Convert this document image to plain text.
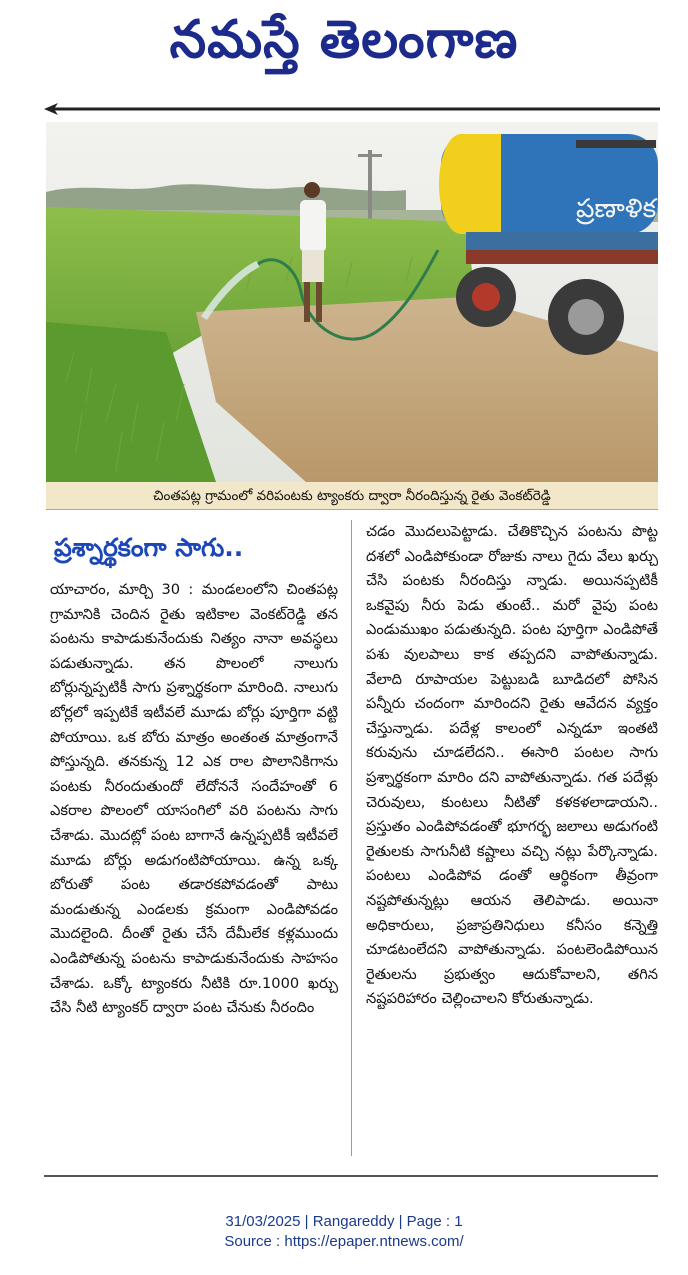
నమస్తే తెలంగాణ
ప్రణాళిక
చింతపట్ల గ్రామంలో వరిపంటకు ట్యాంకరు ద్వారా నీరందిస్తున్న రైతు వెంకట్‌రెడ్డి
ప్రశ్నార్థకంగా సాగు..

యాచారం, మార్చి 30 : మండలంలోని చింతపట్ల గ్రామానికి చెందిన రైతు ఇటికాల వెంకట్‌రెడ్డి తన పంటను కాపాడుకునేందుకు నిత్యం నానా అవస్థలు పడుతున్నాడు. తన పొలంలో నాలుగు బోర్లున్నప్పటికీ సాగు ప్రశ్నార్థకంగా మారింది. నాలుగు బోర్లలో ఇప్పటికే ఇటీవలే మూడు బోర్లు పూర్తిగా వట్టి పోయాయి. ఒక బోరు మాత్రం అంతంత మాత్రంగానే పోస్తున్నది. తనకున్న 12 ఎక రాల పొలానికిగాను పంటకు నీరందుతుందో లేదోననే సందేహంతో 6 ఎకరాల పొలంలో యాసంగిలో వరి పంటను సాగు చేశాడు. మొదట్లో పంట బాగానే ఉన్నప్పటికీ ఇటీవలే మూడు బోర్లు అడుగంటిపోయాయి. ఉన్న ఒక్క బోరుతో పంట తడారకపోవడంతో పాటు మండుతున్న ఎండలకు క్రమంగా ఎండిపోవడం మొదలైంది. దీంతో రైతు చేసే దేమీలేక కళ్లముందు ఎండిపోతున్న పంటను కాపాడుకునేందుకు సాహసం చేశాడు. ఒక్కో ట్యాంకరు నీటికి రూ.1000 ఖర్చు చేసి నీటి ట్యాంకర్ ద్వారా పంట చేనుకు నీరందిం

చడం మొదలుపెట్టాడు. చేతికొచ్చిన పంటను పొట్ట దశలో ఎండిపోకుండా రోజుకు నాలు గైదు వేలు ఖర్చు చేసి పంటకు నీరందిస్తు న్నాడు. అయినప్పటికీ ఒకవైపు నీరు పెడు తుంటే.. మరో వైపు పంట ఎండుముఖం పడుతున్నది. పంట పూర్తిగా ఎండిపోతే పశు వులపాలు కాక తప్పదని వాపోతున్నాడు. వేలాది రూపాయల పెట్టుబడి బూడిదలో పోసిన పన్నీరు చందంగా మారిందని రైతు ఆవేదన వ్యక్తం చేస్తున్నాడు. పదేళ్ల కాలంలో ఎన్నడూ ఇంతటి కరువును చూడలేదని.. ఈసారి పంటల సాగు ప్రశ్నార్థకంగా మారిం దని వాపోతున్నాడు. గత పదేళ్లు చెరువులు, కుంటలు నీటితో కళకళలాడాయని.. ప్రస్తుతం ఎండిపోవడంతో భూగర్భ జలాలు అడుగంటి రైతులకు సాగునీటి కష్టాలు వచ్చి నట్లు పేర్కొన్నాడు. పంటలు ఎండిపోవ డంతో ఆర్థికంగా తీవ్రంగా నష్టపోతున్నట్లు ఆయన తెలిపాడు. అయినా అధికారులు, ప్రజాప్రతినిధులు కనీసం కన్నెత్తి చూడటంలేదని వాపోతున్నాడు. పంటలెండిపోయిన రైతులను ప్రభుత్వం ఆదుకోవాలని, తగిన నష్టపరిహారం చెల్లించాలని కోరుతున్నాడు.

31/03/2025 | Rangareddy | Page : 1
Source : https://epaper.ntnews.com/
